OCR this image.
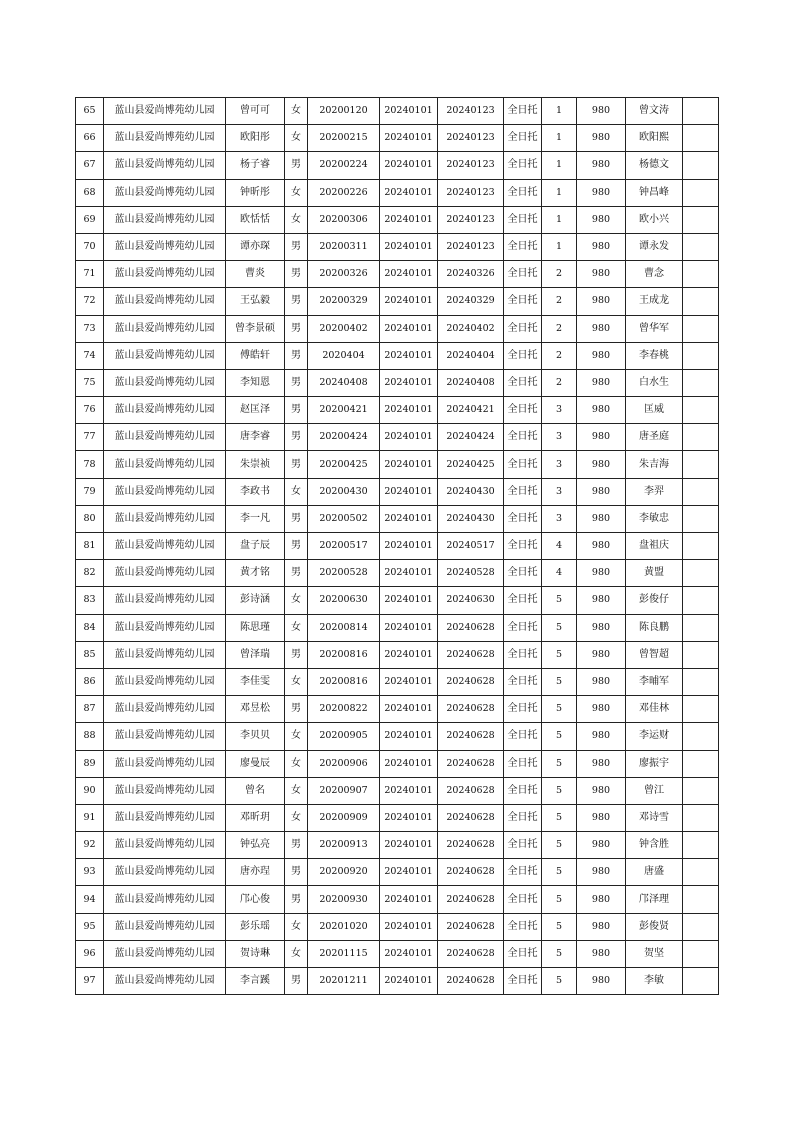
65	蓝山县爱尚博苑幼儿园	曾可可	女	20200120	20240101	20240123	全日托	1	980	曾文涛	
66	蓝山县爱尚博苑幼儿园	欧阳彤	女	20200215	20240101	20240123	全日托	1	980	欧阳熙	
67	蓝山县爱尚博苑幼儿园	杨子睿	男	20200224	20240101	20240123	全日托	1	980	杨德文	
68	蓝山县爱尚博苑幼儿园	钟昕彤	女	20200226	20240101	20240123	全日托	1	980	钟昌峰	
69	蓝山县爱尚博苑幼儿园	欧恬恬	女	20200306	20240101	20240123	全日托	1	980	欧小兴	
70	蓝山县爱尚博苑幼儿园	谭亦琛	男	20200311	20240101	20240123	全日托	1	980	谭永发	
71	蓝山县爱尚博苑幼儿园	曹炎	男	20200326	20240101	20240326	全日托	2	980	曹念	
72	蓝山县爱尚博苑幼儿园	王弘毅	男	20200329	20240101	20240329	全日托	2	980	王成龙	
73	蓝山县爱尚博苑幼儿园	曾李景硕	男	20200402	20240101	20240402	全日托	2	980	曾华军	
74	蓝山县爱尚博苑幼儿园	傅皓轩	男	2020404	20240101	20240404	全日托	2	980	李春桃	
75	蓝山县爱尚博苑幼儿园	李知恩	男	20240408	20240101	20240408	全日托	2	980	白水生	
76	蓝山县爱尚博苑幼儿园	赵匡泽	男	20200421	20240101	20240421	全日托	3	980	匡威	
77	蓝山县爱尚博苑幼儿园	唐李睿	男	20200424	20240101	20240424	全日托	3	980	唐圣庭	
78	蓝山县爱尚博苑幼儿园	朱崇祯	男	20200425	20240101	20240425	全日托	3	980	朱吉海	
79	蓝山县爱尚博苑幼儿园	李政书	女	20200430	20240101	20240430	全日托	3	980	李羿	
80	蓝山县爱尚博苑幼儿园	李一凡	男	20200502	20240101	20240430	全日托	3	980	李敏忠	
81	蓝山县爱尚博苑幼儿园	盘子辰	男	20200517	20240101	20240517	全日托	4	980	盘祖庆	
82	蓝山县爱尚博苑幼儿园	黄才铭	男	20200528	20240101	20240528	全日托	4	980	黄盟	
83	蓝山县爱尚博苑幼儿园	彭诗涵	女	20200630	20240101	20240630	全日托	5	980	彭俊仔	
84	蓝山县爱尚博苑幼儿园	陈思瑾	女	20200814	20240101	20240628	全日托	5	980	陈良鹏	
85	蓝山县爱尚博苑幼儿园	曾泽瑞	男	20200816	20240101	20240628	全日托	5	980	曾智超	
86	蓝山县爱尚博苑幼儿园	李佳雯	女	20200816	20240101	20240628	全日托	5	980	李晡军	
87	蓝山县爱尚博苑幼儿园	邓昱松	男	20200822	20240101	20240628	全日托	5	980	邓佳林	
88	蓝山县爱尚博苑幼儿园	李贝贝	女	20200905	20240101	20240628	全日托	5	980	李运财	
89	蓝山县爱尚博苑幼儿园	廖曼辰	女	20200906	20240101	20240628	全日托	5	980	廖振宇	
90	蓝山县爱尚博苑幼儿园	曾名	女	20200907	20240101	20240628	全日托	5	980	曾江	
91	蓝山县爱尚博苑幼儿园	邓昕玥	女	20200909	20240101	20240628	全日托	5	980	邓诗雪	
92	蓝山县爱尚博苑幼儿园	钟弘亮	男	20200913	20240101	20240628	全日托	5	980	钟含胜	
93	蓝山县爱尚博苑幼儿园	唐亦珵	男	20200920	20240101	20240628	全日托	5	980	唐盛	
94	蓝山县爱尚博苑幼儿园	邝心俊	男	20200930	20240101	20240628	全日托	5	980	邝泽理	
95	蓝山县爱尚博苑幼儿园	彭乐瑶	女	20201020	20240101	20240628	全日托	5	980	彭俊贤	
96	蓝山县爱尚博苑幼儿园	贺诗琳	女	20201115	20240101	20240628	全日托	5	980	贺坚	
97	蓝山县爱尚博苑幼儿园	李言蹊	男	20201211	20240101	20240628	全日托	5	980	李敏	
